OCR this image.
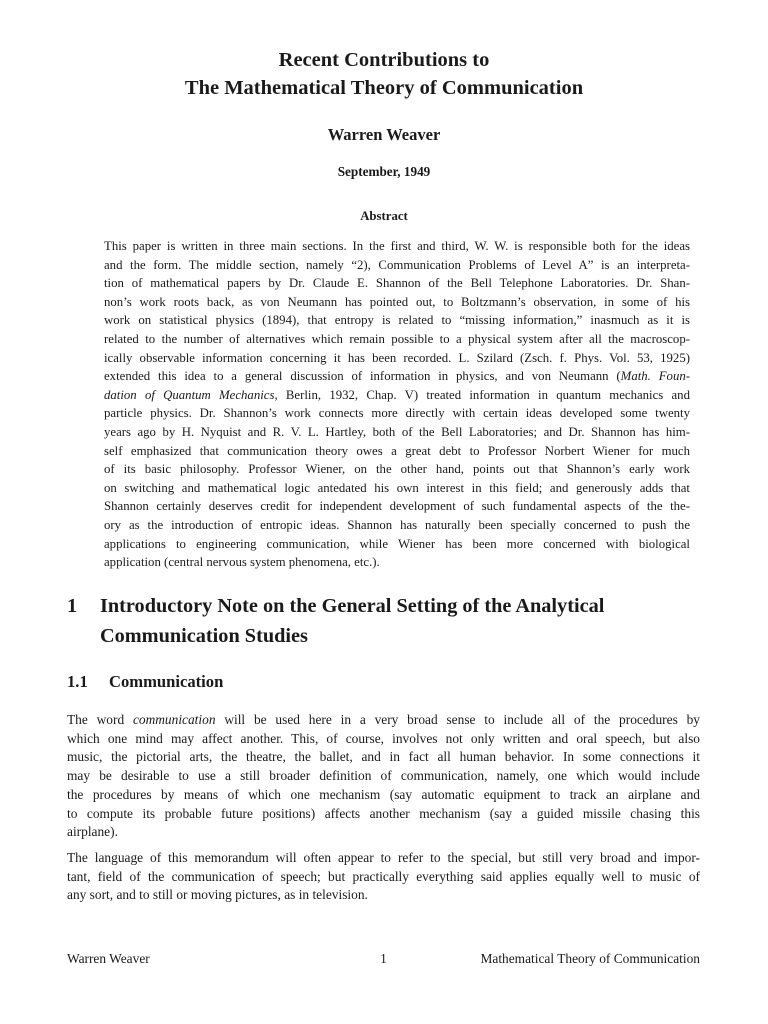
Recent Contributions to
The Mathematical Theory of Communication
Warren Weaver
September, 1949
Abstract
This paper is written in three main sections. In the first and third, W. W. is responsible both for the ideas
and the form. The middle section, namely “2), Communication Problems of Level A” is an interpreta-
tion of mathematical papers by Dr. Claude E. Shannon of the Bell Telephone Laboratories. Dr. Shan-
non’s work roots back, as von Neumann has pointed out, to Boltzmann’s observation, in some of his
work on statistical physics (1894), that entropy is related to “missing information,” inasmuch as it is
related to the number of alternatives which remain possible to a physical system after all the macroscop-
ically observable information concerning it has been recorded. L. Szilard (Zsch. f. Phys. Vol. 53, 1925)
extended this idea to a general discussion of information in physics, and von Neumann (Math. Foun-
dation of Quantum Mechanics, Berlin, 1932, Chap. V) treated information in quantum mechanics and
particle physics. Dr. Shannon’s work connects more directly with certain ideas developed some twenty
years ago by H. Nyquist and R. V. L. Hartley, both of the Bell Laboratories; and Dr. Shannon has him-
self emphasized that communication theory owes a great debt to Professor Norbert Wiener for much
of its basic philosophy. Professor Wiener, on the other hand, points out that Shannon’s early work
on switching and mathematical logic antedated his own interest in this field; and generously adds that
Shannon certainly deserves credit for independent development of such fundamental aspects of the the-
ory as the introduction of entropic ideas. Shannon has naturally been specially concerned to push the
applications to engineering communication, while Wiener has been more concerned with biological
application (central nervous system phenomena, etc.).
1 Introductory Note on the General Setting of the Analytical Communication Studies
1.1 Communication
The word communication will be used here in a very broad sense to include all of the procedures by
which one mind may affect another. This, of course, involves not only written and oral speech, but also
music, the pictorial arts, the theatre, the ballet, and in fact all human behavior. In some connections it
may be desirable to use a still broader definition of communication, namely, one which would include
the procedures by means of which one mechanism (say automatic equipment to track an airplane and
to compute its probable future positions) affects another mechanism (say a guided missile chasing this
airplane).
The language of this memorandum will often appear to refer to the special, but still very broad and impor-
tant, field of the communication of speech; but practically everything said applies equally well to music of
any sort, and to still or moving pictures, as in television.
Warren Weaver	1	Mathematical Theory of Communication
